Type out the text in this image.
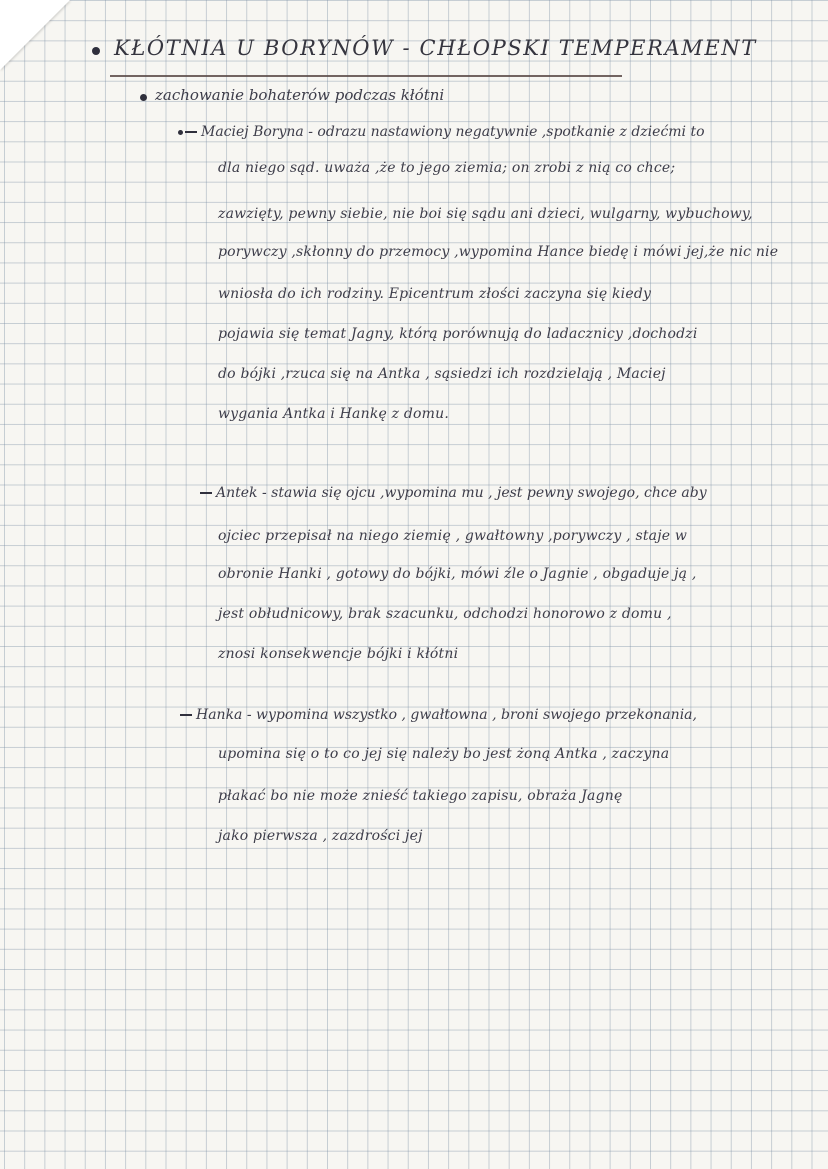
KŁÓTNIA U BORYNÓW - CHŁOPSKI TEMPERAMENT
zachowanie bohaterów podczas kłótni
Maciej Boryna - odrazu nastawiony negatywnie ,spotkanie z dziećmi to
dla niego sąd. uważa ,że to jego ziemia; on zrobi z nią co chce;
zawzięty, pewny siebie, nie boi się sądu ani dzieci, wulgarny, wybuchowy,
porywczy ,skłonny do przemocy ,wypomina Hance biedę i mówi jej,że nic nie
wniosła do ich rodziny. Epicentrum złości zaczyna się kiedy
pojawia się temat Jagny, którą porównują do ladacznicy ,dochodzi
do bójki ,rzuca się na Antka , sąsiedzi ich rozdzielają , Maciej
wygania Antka i Hankę z domu.
Antek - stawia się ojcu ,wypomina mu , jest pewny swojego, chce aby
ojciec przepisał na niego ziemię , gwałtowny ,porywczy , staje w
obronie Hanki , gotowy do bójki, mówi źle o Jagnie , obgaduje ją ,
jest obłudnicowy, brak szacunku, odchodzi honorowo z domu ,
znosi konsekwencje bójki i kłótni
Hanka - wypomina wszystko , gwałtowna , broni swojego przekonania,
upomina się o to co jej się należy bo jest żoną Antka , zaczyna
płakać bo nie może znieść takiego zapisu, obraża Jagnę
jako pierwsza , zazdrości jej
